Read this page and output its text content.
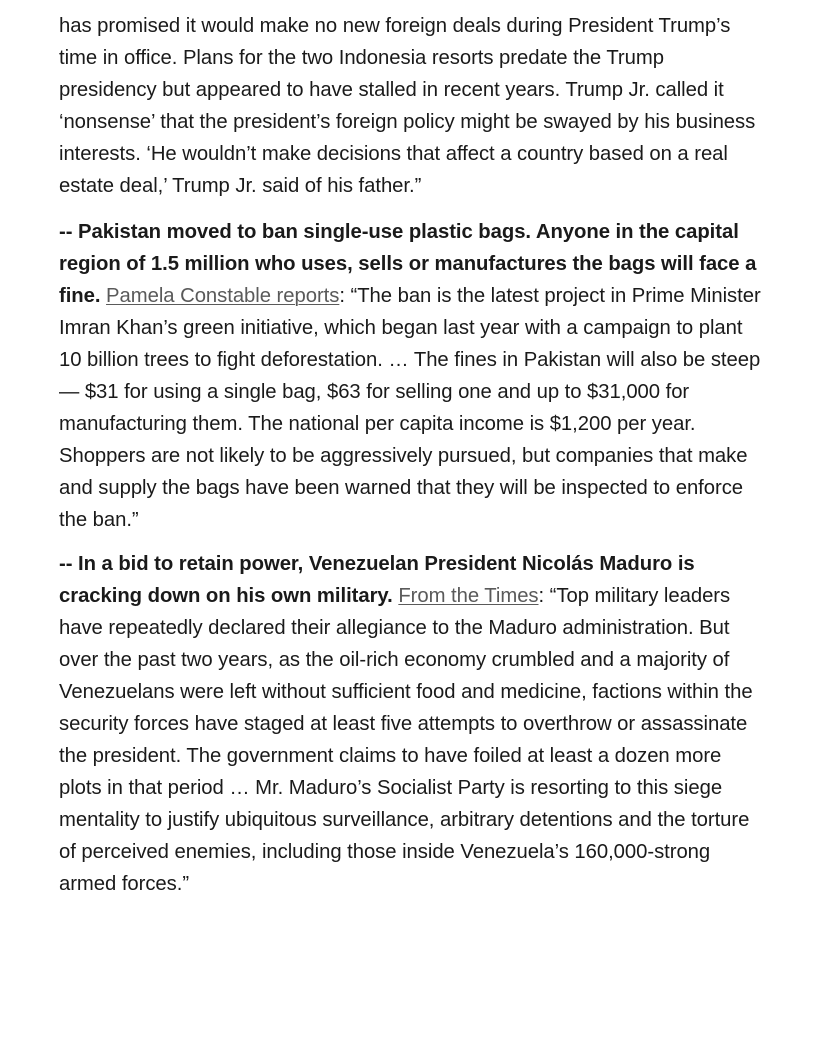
has promised it would make no new foreign deals during President Trump’s time in office. Plans for the two Indonesia resorts predate the Trump presidency but appeared to have stalled in recent years. Trump Jr. called it ‘nonsense’ that the president’s foreign policy might be swayed by his business interests. ‘He wouldn’t make decisions that affect a country based on a real estate deal,’ Trump Jr. said of his father.”

-- Pakistan moved to ban single-use plastic bags. Anyone in the capital region of 1.5 million who uses, sells or manufactures the bags will face a fine. Pamela Constable reports: “The ban is the latest project in Prime Minister Imran Khan’s green initiative, which began last year with a campaign to plant 10 billion trees to fight deforestation. … The fines in Pakistan will also be steep — $31 for using a single bag, $63 for selling one and up to $31,000 for manufacturing them. The national per capita income is $1,200 per year. Shoppers are not likely to be aggressively pursued, but companies that make and supply the bags have been warned that they will be inspected to enforce the ban.”

-- In a bid to retain power, Venezuelan President Nicolás Maduro is cracking down on his own military. From the Times: “Top military leaders have repeatedly declared their allegiance to the Maduro administration. But over the past two years, as the oil-rich economy crumbled and a majority of Venezuelans were left without sufficient food and medicine, factions within the security forces have staged at least five attempts to overthrow or assassinate the president. The government claims to have foiled at least a dozen more plots in that period … Mr. Maduro’s Socialist Party is resorting to this siege mentality to justify ubiquitous surveillance, arbitrary detentions and the torture of perceived enemies, including those inside Venezuela’s 160,000-strong armed forces.”
